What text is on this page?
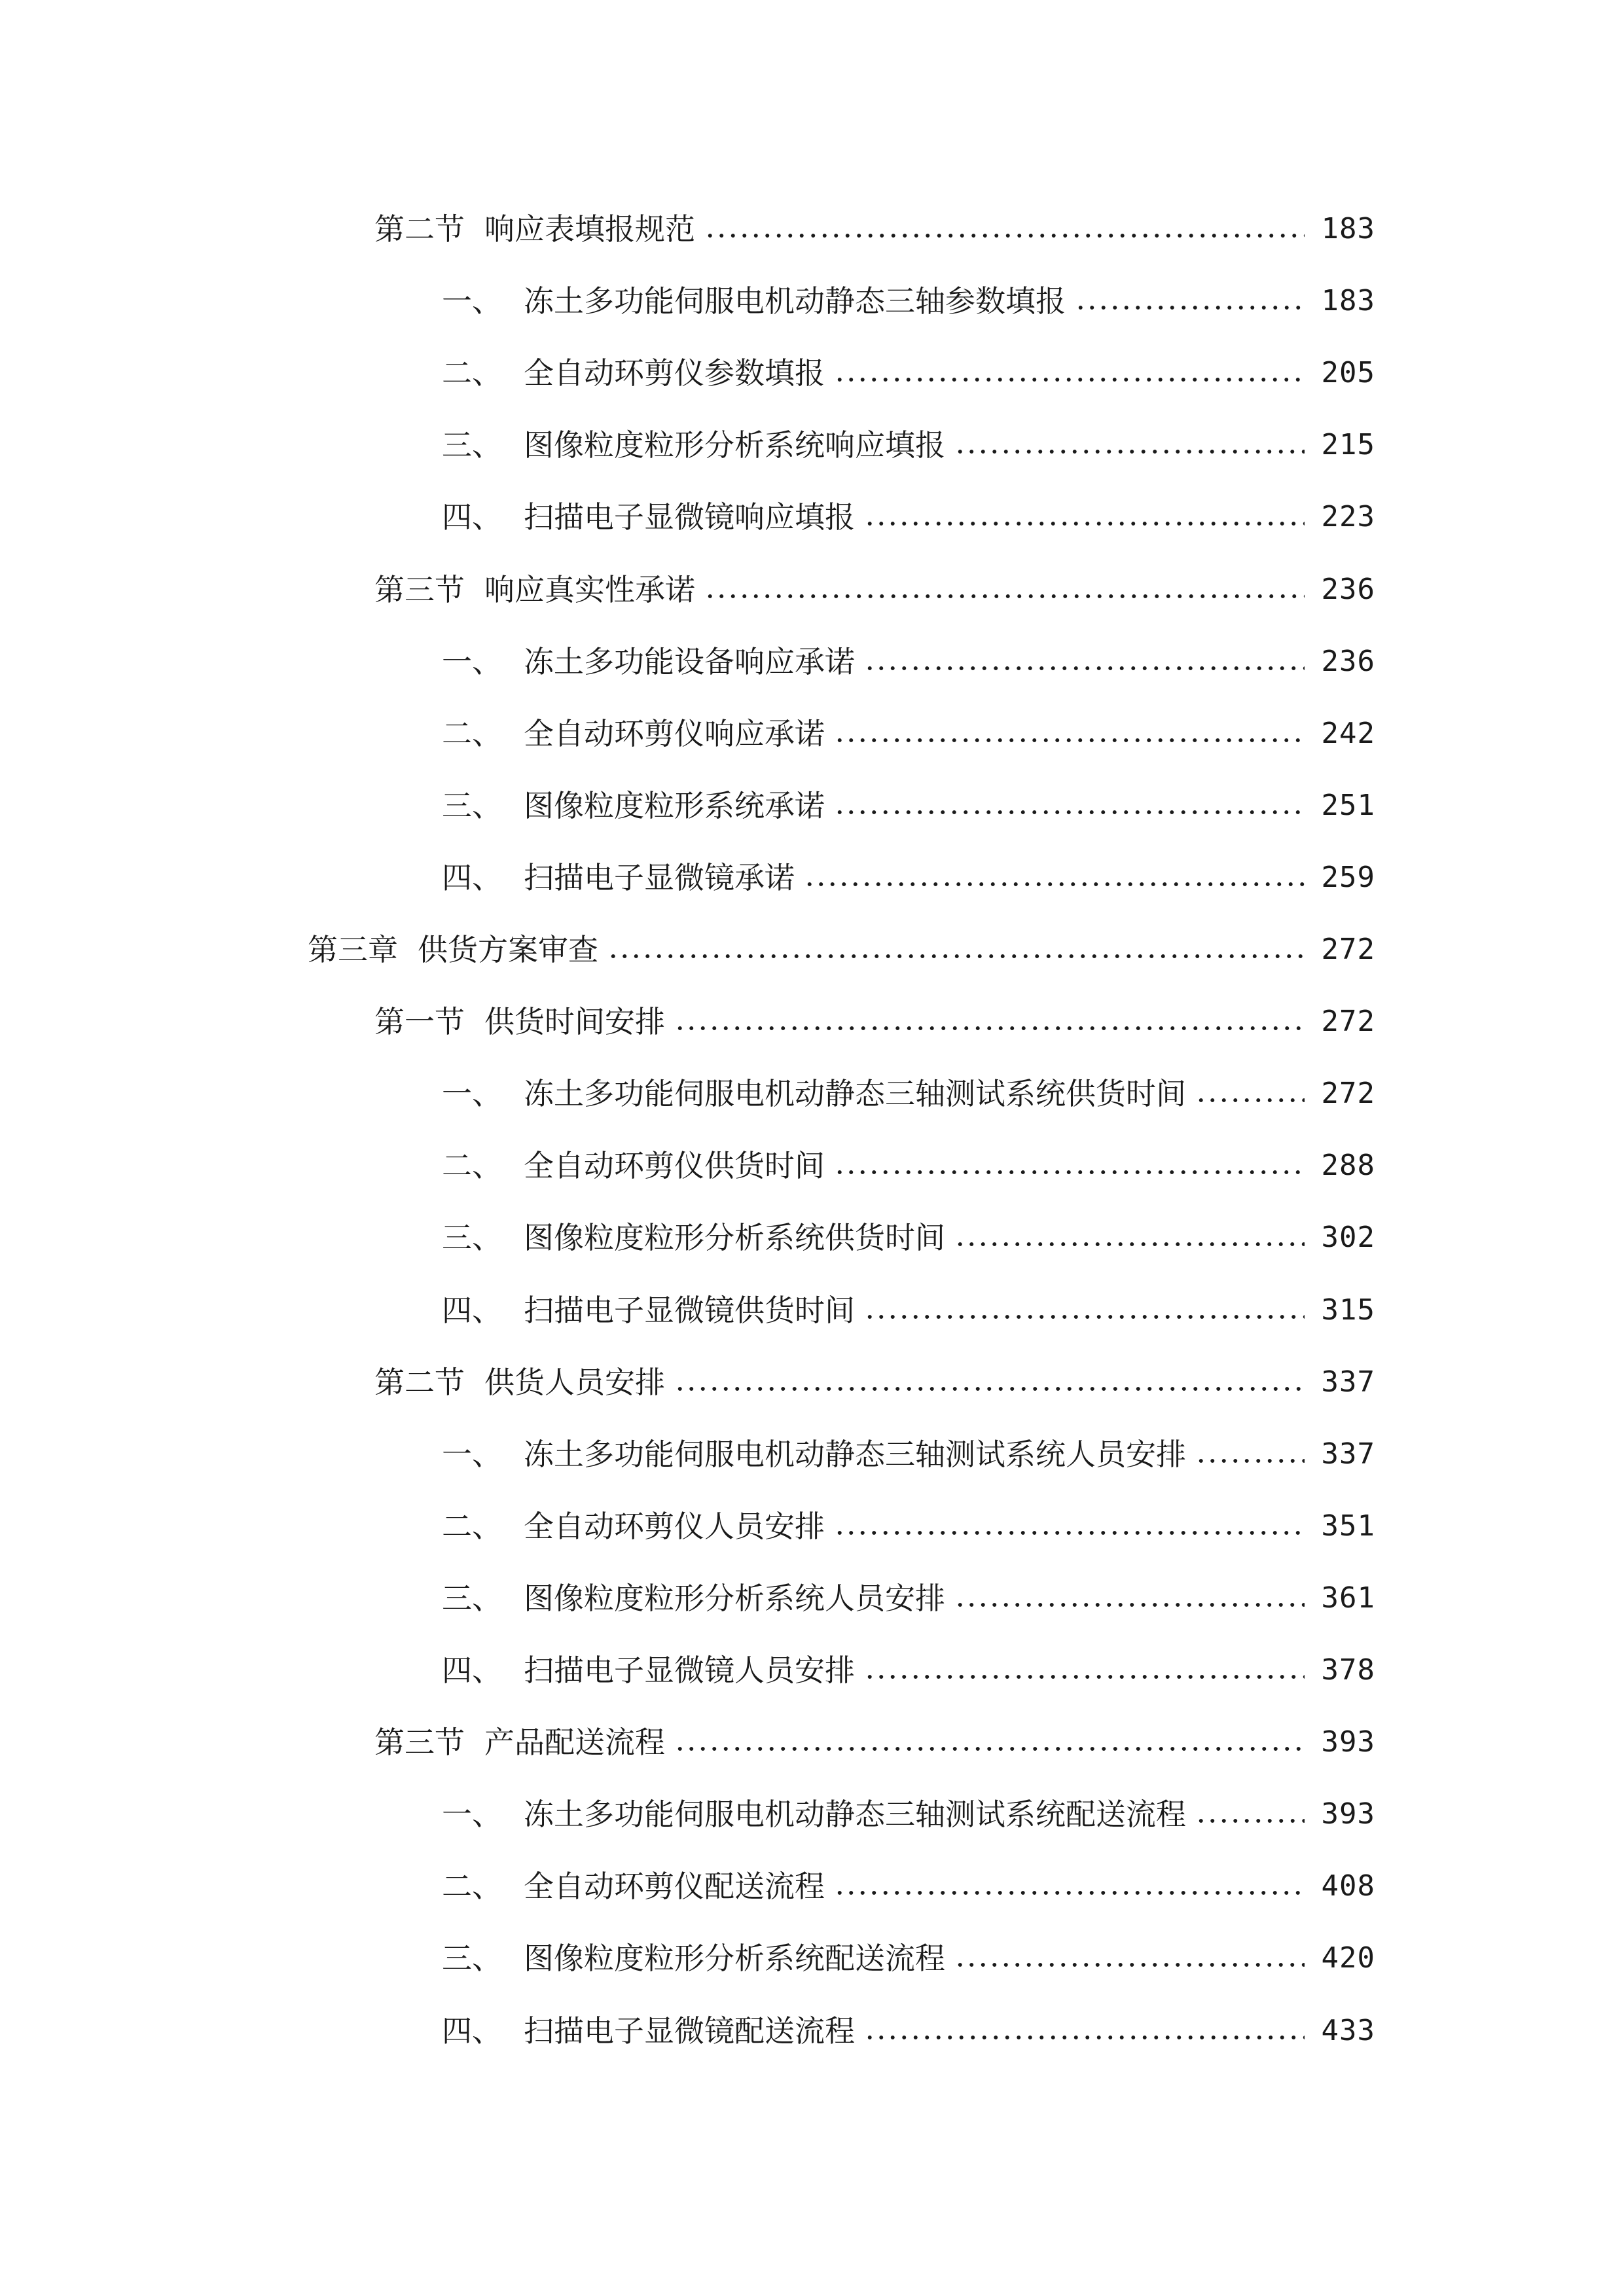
第二节 响应表填报规范	183
一、 冻土多功能伺服电机动静态三轴参数填报	183
二、 全自动环剪仪参数填报	205
三、 图像粒度粒形分析系统响应填报	215
四、 扫描电子显微镜响应填报	223
第三节 响应真实性承诺	236
一、 冻土多功能设备响应承诺	236
二、 全自动环剪仪响应承诺	242
三、 图像粒度粒形系统承诺	251
四、 扫描电子显微镜承诺	259
第三章 供货方案审查	272
第一节 供货时间安排	272
一、 冻土多功能伺服电机动静态三轴测试系统供货时间	272
二、 全自动环剪仪供货时间	288
三、 图像粒度粒形分析系统供货时间	302
四、 扫描电子显微镜供货时间	315
第二节 供货人员安排	337
一、 冻土多功能伺服电机动静态三轴测试系统人员安排	337
二、 全自动环剪仪人员安排	351
三、 图像粒度粒形分析系统人员安排	361
四、 扫描电子显微镜人员安排	378
第三节 产品配送流程	393
一、 冻土多功能伺服电机动静态三轴测试系统配送流程	393
二、 全自动环剪仪配送流程	408
三、 图像粒度粒形分析系统配送流程	420
四、 扫描电子显微镜配送流程	433
